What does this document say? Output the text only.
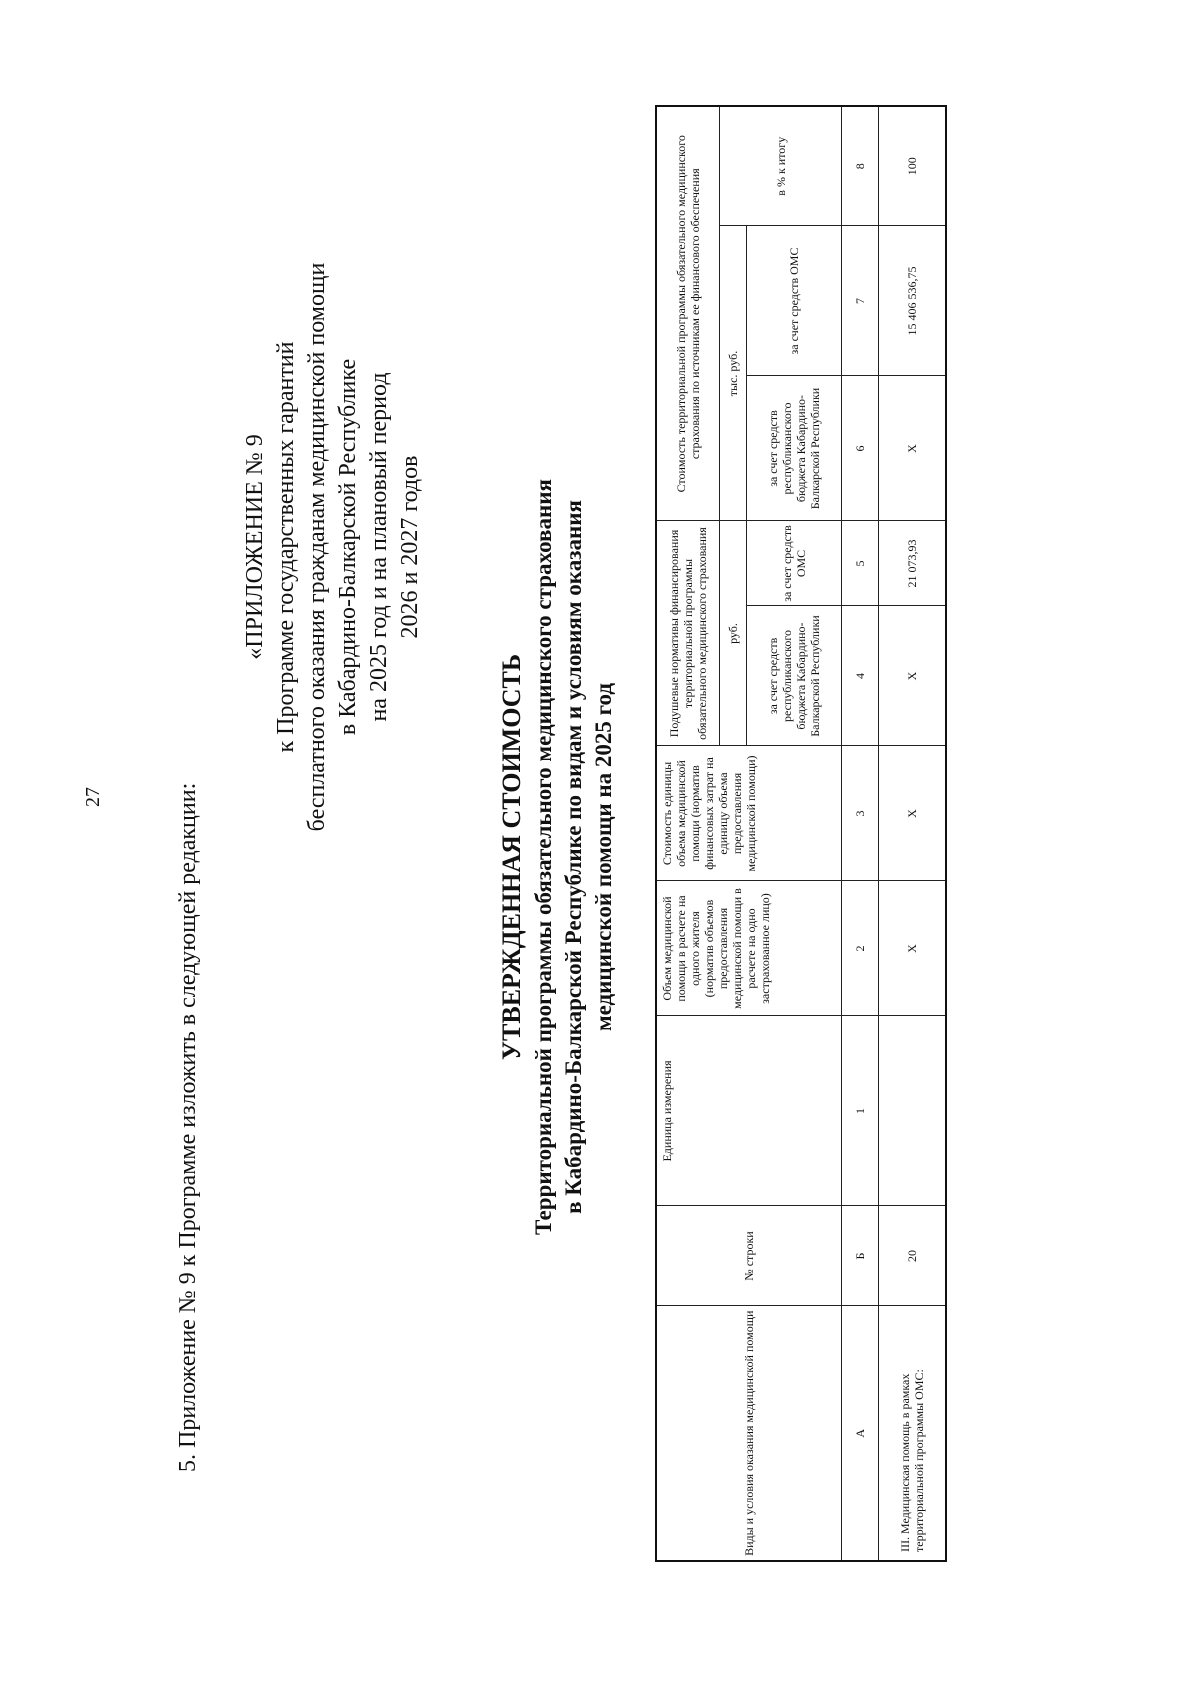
27	5. Приложение № 9 к Программе изложить в следующей редакции:
«ПРИЛОЖЕНИЕ № 9 к Программе государственных гарантий бесплатного оказания гражданам медицинской помощи в Кабардино-Балкарской Республике на 2025 год и на плановый период 2026 и 2027 годов
УТВЕРЖДЕННАЯ СТОИМОСТЬ Территориальной программы обязательного медицинского страхования в Кабардино-Балкарской Республике по видам и условиям оказания медицинской помощи на 2025 год
Виды и условия оказания медицинской помощи	№ строки	Единица измерения	Объем медицинской помощи в расчете на одного жителя (норматив объемов предоставления медицинской помощи в расчете на одно застрахованное лицо)	Стоимость единицы объема медицинской помощи (норматив финансовых затрат на единицу объема предоставления медицинской помощи)	Подушевые нормативы финансирования территориальной программы обязательного медицинского страхования		Стоимость территориальной программы обязательного медицинского страхования по источникам ее финансового обеспечения		
					руб.		тыс. руб.		в % к итогу
					за счет средств республиканского бюджета Кабардино-Балкарской Республики	за счет средств ОМС	за счет средств республиканского бюджета Кабардино-Балкарской Республики	за счет средств ОМС	
А	Б	1	2	3	4	5	6	7	8
III. Медицинская помощь в рамках территориальной программы ОМС:	20		X	X	X	21 073,93	X	15 406 536,75	100
